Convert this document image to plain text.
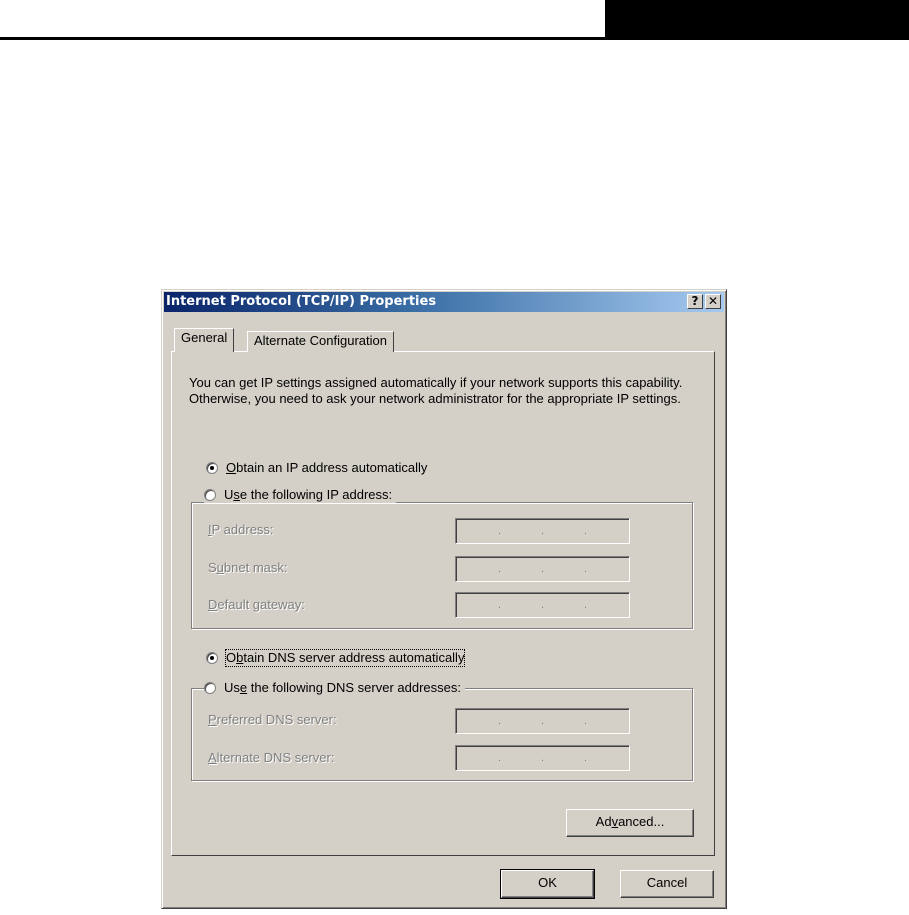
Internet Protocol (TCP/IP) Properties	? ✕
General	Alternate Configuration
You can get IP settings assigned automatically if your network supports this capability. Otherwise, you need to ask your network administrator for the appropriate IP settings.
Obtain an IP address automatically
Use the following IP address:
IP address:	.	.	.
Subnet mask:	.	.	.
Default gateway:	.	.	.
Obtain DNS server address automatically
Use the following DNS server addresses:
Preferred DNS server:	.	.	.
Alternate DNS server:	.	.	.
Advanced...
OK	Cancel
